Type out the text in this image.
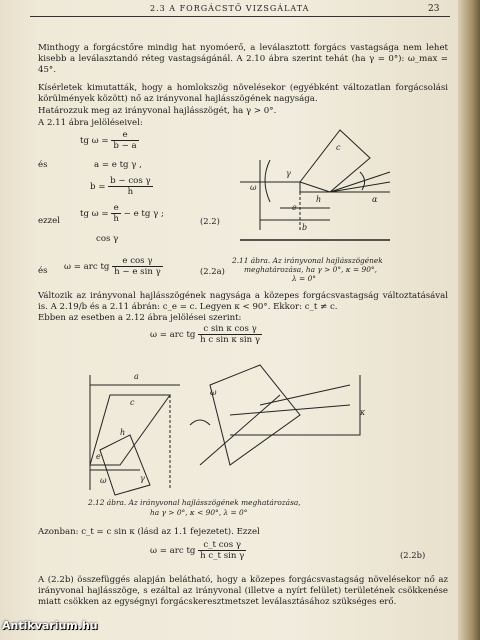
2.3 A FORGÁCSTŐ VIZSGÁLATA	23

Minthogy a forgácstőre mindig hat nyomóerő, a leválasztott forgács vastagsága nem lehet kisebb a leválasztandó réteg vastagságánál. A 2.10 ábra szerint tehát (ha γ = 0°): ω_max = 45°.

Kísérletek kimutatták, hogy a homlokszög növelésekor (egyébként változatlan forgácsolási körülmények között) nő az irányvonal hajlásszögének nagysága.

Határozzuk meg az irányvonal hajlásszögét, ha γ > 0°.

A 2.11 ábra jelöléseivel:

tg $\omega = \frac{e}{b - a}$
és	a = e tg γ ,
$b = \frac{\text{b − cos γ}}{h}$
ezzel
tg $\omega = \frac{e}{h} - e$ tg γ ;
cos γ
(2.2)
és ω = arc tg $\frac{\text{e cos γ}}{\text{h − e sin γ}}$	(2.2a)
c
e
b
h
ω
α
γ
2.11 ábra. Az irányvonal hajlásszögének
meghatározása, ha γ > 0°, κ = 90°,
λ = 0°

Változik az irányvonal hajlásszögének nagysága a közepes forgácsvastagság változtatásával is. A 2.19/b és a 2.11 ábrán: c_e = c. Legyen κ < 90°. Ekkor: c_t ≠ c.

Ebben az esetben a 2.12 ábra jelölései szerint:

ω = arc tg $\frac{\text{c sin κ cos γ}}{\text{h c sin κ sin γ}}$
a
c
h
e
γ
ω
κ
ω
2.12 ábra. Az irányvonal hajlásszögének meghatározása,
ha γ > 0°, κ < 90°, λ = 0°

Azonban: c_t = c sin κ (lásd az 1.1 fejezetet). Ezzel

ω = arc tg $\frac{\text{c\_t cos γ}}{\text{h c\_t sin γ}}$	(2.2b)

A (2.2b) összefüggés alapján belátható, hogy a közepes forgácsvastagság növelésekor nő az irányvonal hajlásszöge, s ezáltal az irányvonal (illetve a nyírt felület) területének csökkenése miatt csökken az egységnyi forgácskeresztmetszet leválasztásához szükséges erő.

Antikvarium.hu
